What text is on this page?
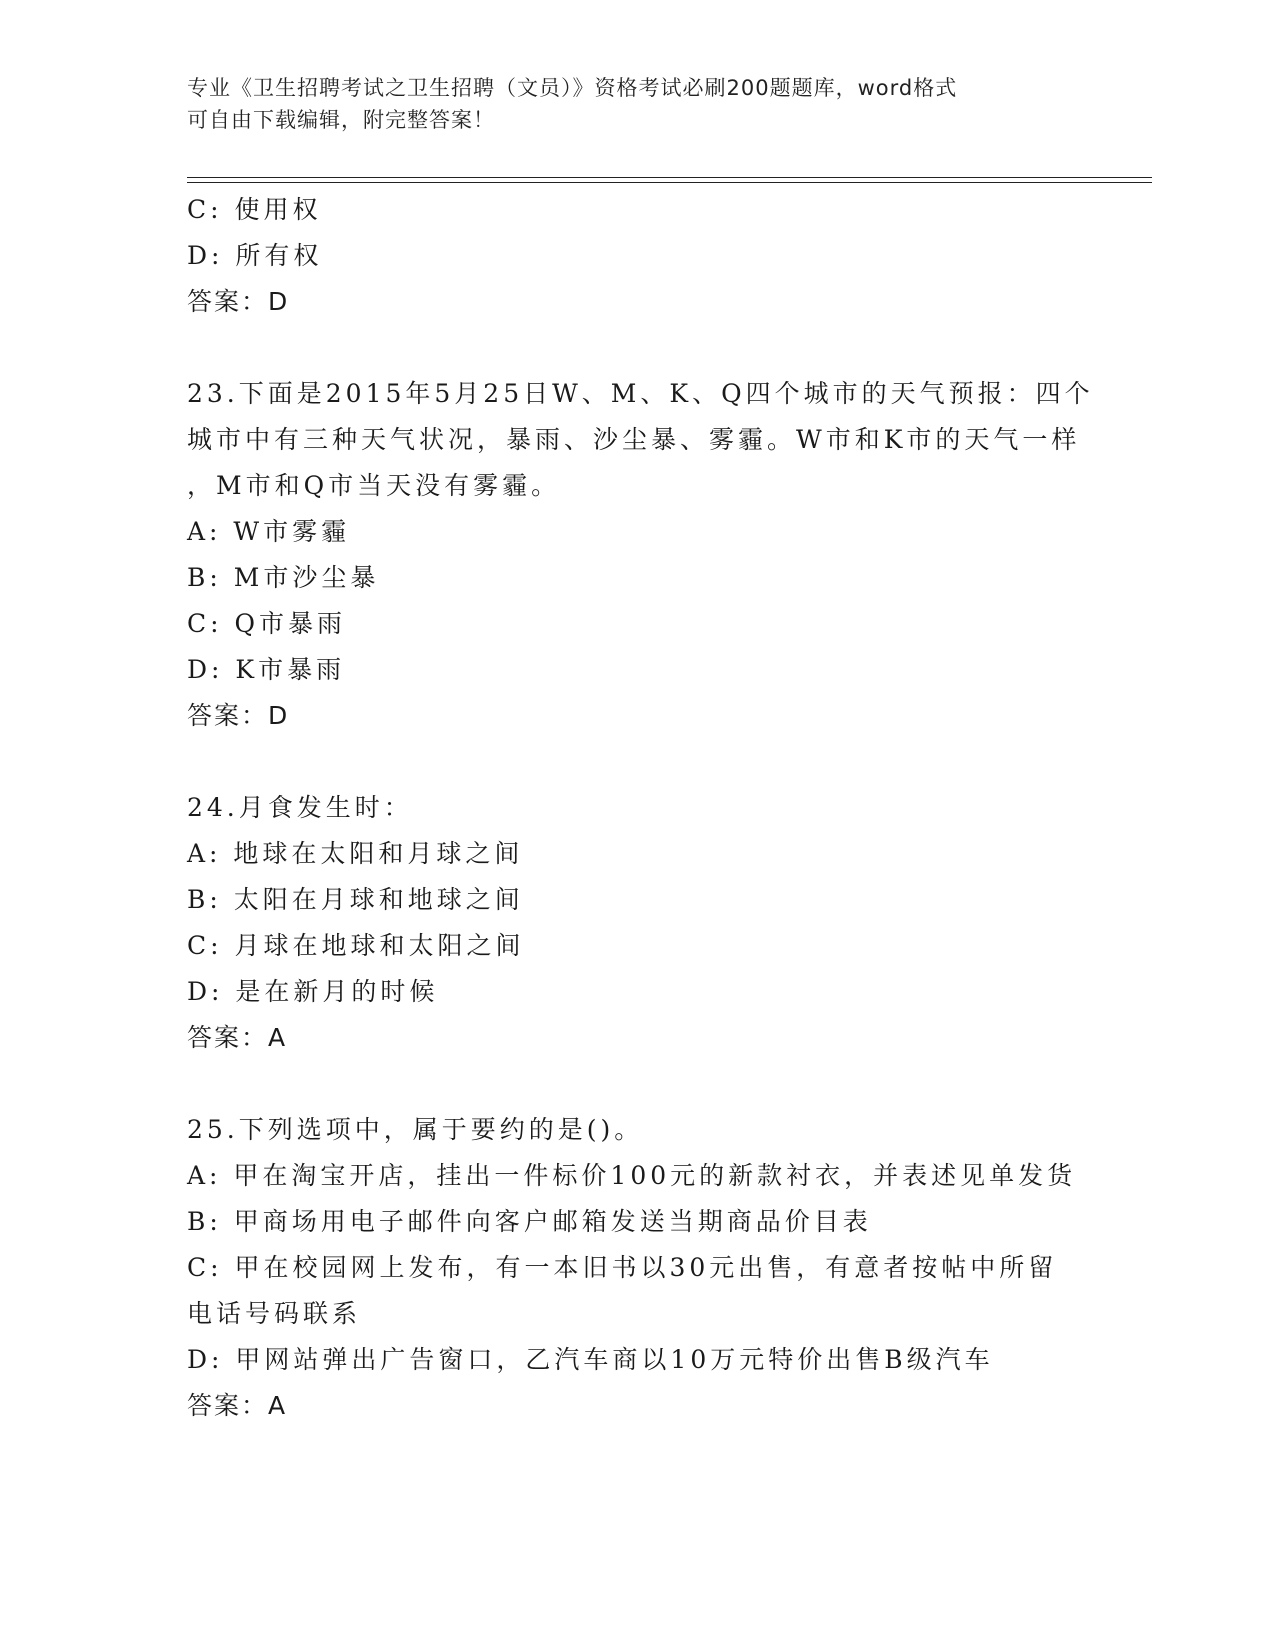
专业《卫生招聘考试之卫生招聘（文员）》资格考试必刷200题题库，word格式
可自由下载编辑，附完整答案！
C: 使用权
D: 所有权
答案：D
23.下面是2015年5月25日W、M、K、Q四个城市的天气预报：四个
城市中有三种天气状况，暴雨、沙尘暴、雾霾。W市和K市的天气一样
，M市和Q市当天没有雾霾。
A: W市雾霾
B: M市沙尘暴
C: Q市暴雨
D: K市暴雨
答案：D
24.月食发生时：
A: 地球在太阳和月球之间
B: 太阳在月球和地球之间
C: 月球在地球和太阳之间
D: 是在新月的时候
答案：A
25.下列选项中，属于要约的是()。
A: 甲在淘宝开店，挂出一件标价100元的新款衬衣，并表述见单发货
B: 甲商场用电子邮件向客户邮箱发送当期商品价目表
C: 甲在校园网上发布，有一本旧书以30元出售，有意者按帖中所留
电话号码联系
D: 甲网站弹出广告窗口，乙汽车商以10万元特价出售B级汽车
答案：A
